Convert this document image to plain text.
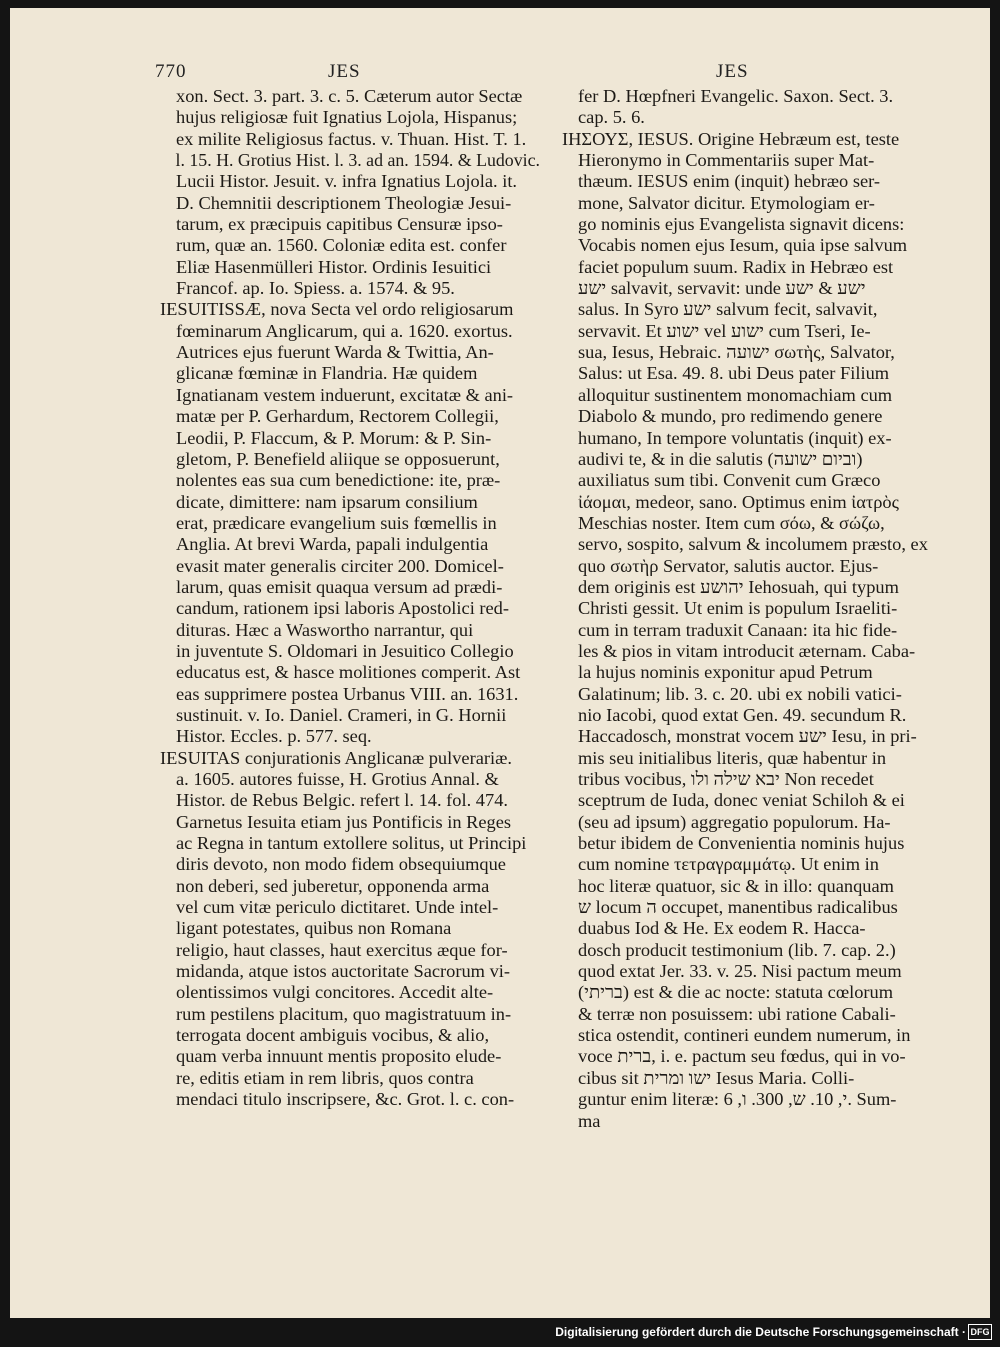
770	JES	JES
xon. Sect. 3. part. 3. c. 5. Cæterum autor Sectæ
hujus religiosæ fuit Ignatius Lojola, Hispanus;
ex milite Religiosus factus. v. Thuan. Hist. T. 1.
l. 15. H. Grotius Hist. l. 3. ad an. 1594. & Ludovic.
Lucii Histor. Jesuit. v. infra Ignatius Lojola. it.
D. Chemnitii descriptionem Theologiæ Jesui-
tarum, ex præcipuis capitibus Censuræ ipso-
rum, quæ an. 1560. Coloniæ edita est. confer
Eliæ Hasenmülleri Histor. Ordinis Iesuitici
Francof. ap. Io. Spiess. a. 1574. & 95.
IESUITISSÆ, nova Secta vel ordo religiosarum
fœminarum Anglicarum, qui a. 1620. exortus.
Autrices ejus fuerunt Warda & Twittia, An-
glicanæ fœminæ in Flandria. Hæ quidem
Ignatianam vestem induerunt, excitatæ & ani-
matæ per P. Gerhardum, Rectorem Collegii,
Leodii, P. Flaccum, & P. Morum: & P. Sin-
gletom, P. Benefield aliique se opposuerunt,
nolentes eas sua cum benedictione: ite, præ-
dicate, dimittere: nam ipsarum consilium
erat, prædicare evangelium suis fœmellis in
Anglia. At brevi Warda, papali indulgentia
evasit mater generalis circiter 200. Domicel-
larum, quas emisit quaqua versum ad prædi-
candum, rationem ipsi laboris Apostolici red-
dituras. Hæc a Waswortho narrantur, qui
in juventute S. Oldomari in Jesuitico Collegio
educatus est, & hasce molitiones comperit. Ast
eas supprimere postea Urbanus VIII. an. 1631.
sustinuit. v. Io. Daniel. Crameri, in G. Hornii
Histor. Eccles. p. 577. seq.
IESUITAS conjurationis Anglicanæ pulverariæ.
a. 1605. autores fuisse, H. Grotius Annal. &
Histor. de Rebus Belgic. refert l. 14. fol. 474.
Garnetus Iesuita etiam jus Pontificis in Reges
ac Regna in tantum extollere solitus, ut Principi
diris devoto, non modo fidem obsequiumque
non deberi, sed juberetur, opponenda arma
vel cum vitæ periculo dictitaret. Unde intel-
ligant potestates, quibus non Romana
religio, haut classes, haut exercitus æque for-
midanda, atque istos auctoritate Sacrorum vi-
olentissimos vulgi concitores. Accedit alte-
rum pestilens placitum, quo magistratuum in-
terrogata docent ambiguis vocibus, & alio,
quam verba innuunt mentis proposito elude-
re, editis etiam in rem libris, quos contra
mendaci titulo inscripsere, &c. Grot. l. c. con-
fer D. Hœpfneri Evangelic. Saxon. Sect. 3.
cap. 5. 6.
ΙΗΣΟΥΣ, IESUS. Origine Hebræum est, teste
Hieronymo in Commentariis super Mat-
thæum. IESUS enim (inquit) hebræo ser-
mone, Salvator dicitur. Etymologiam er-
go nominis ejus Evangelista signavit dicens:
Vocabis nomen ejus Iesum, quia ipse salvum
faciet populum suum. Radix in Hebræo est
ישע salvavit, servavit: unde ישע & ישע
salus. In Syro ישע salvum fecit, salvavit,
servavit. Et ישוע vel ישוע cum Tseri, Ie-
sua, Iesus, Hebraic. ישועה σωτὴς, Salvator,
Salus: ut Esa. 49. 8. ubi Deus pater Filium
alloquitur sustinentem monomachiam cum
Diabolo & mundo, pro redimendo genere
humano, In tempore voluntatis (inquit) ex-
audivi te, & in die salutis (וביום ישועה)
auxiliatus sum tibi. Convenit cum Græco
ἰάομαι, medeor, sano. Optimus enim ἰατρὸς
Meschias noster. Item cum σόω, & σώζω,
servo, sospito, salvum & incolumem præsto, ex
quo σωτὴρ Servator, salutis auctor. Ejus-
dem originis est יהושע Iehosuah, qui typum
Christi gessit. Ut enim is populum Israeliti-
cum in terram traduxit Canaan: ita hic fide-
les & pios in vitam introducit æternam. Caba-
la hujus nominis exponitur apud Petrum
Galatinum; lib. 3. c. 20. ubi ex nobili vatici-
nio Iacobi, quod extat Gen. 49. secundum R.
Haccadosch, monstrat vocem ישע Iesu, in pri-
mis seu initialibus literis, quæ habentur in
tribus vocibus, יבא שילה ולו Non recedet
sceptrum de Iuda, donec veniat Schiloh & ei
(seu ad ipsum) aggregatio populorum. Ha-
betur ibidem de Convenientia nominis hujus
cum nomine τετραγραμμάτῳ. Ut enim in
hoc literæ quatuor, sic & in illo: quanquam
ש locum ה occupet, manentibus radicalibus
duabus Iod & He. Ex eodem R. Hacca-
dosch producit testimonium (lib. 7. cap. 2.)
quod extat Jer. 33. v. 25. Nisi pactum meum
(בריתי) est & die ac nocte: statuta cœlorum
& terræ non posuissem: ubi ratione Cabali-
stica ostendit, contineri eundem numerum, in
voce ברית, i. e. pactum seu fœdus, qui in vo-
cibus sit ישו ומרית Iesus Maria. Colli-
guntur enim literæ: י, 10. ש, 300. ו, 6. Sum-
ma
Digitalisierung gefördert durch die Deutsche Forschungsgemeinschaft · DFG
